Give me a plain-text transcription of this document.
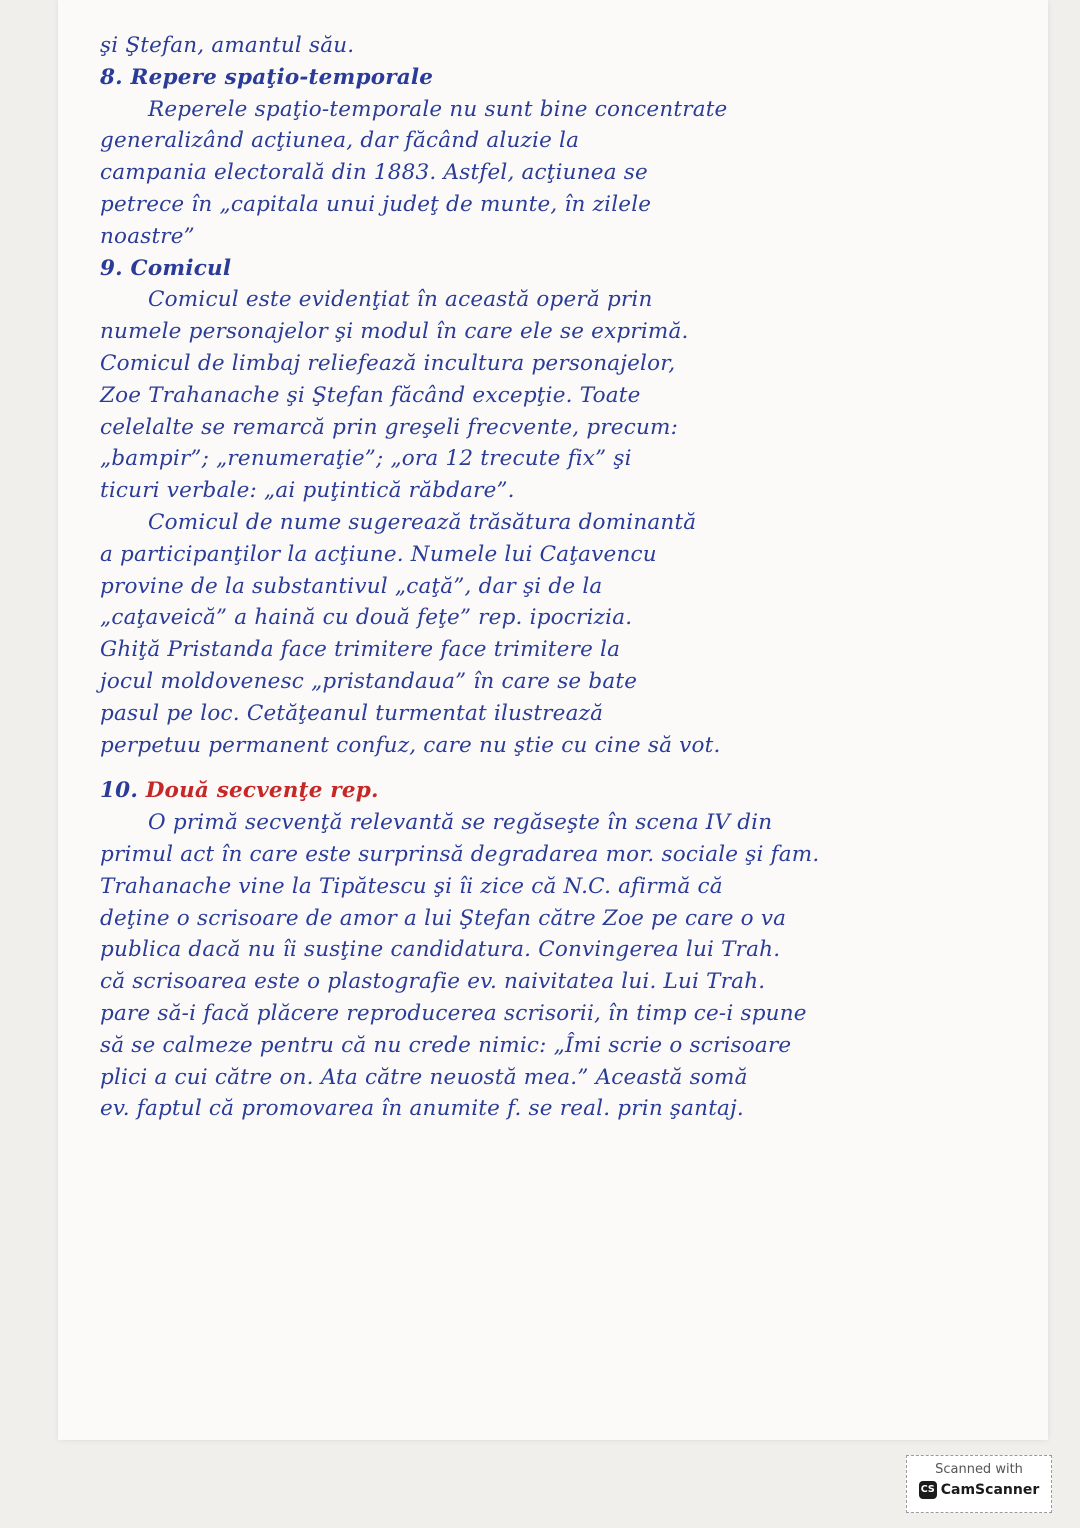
şi Ştefan, amantul său.

8. Repere spaţio-temporale

Reperele spaţio-temporale nu sunt bine concentrate

generalizând acţiunea, dar făcând aluzie la

campania electorală din 1883. Astfel, acţiunea se

petrece în „capitala unui judeţ de munte, în zilele

noastre”

9. Comicul

Comicul este evidenţiat în această operă prin

numele personajelor şi modul în care ele se exprimă.

Comicul de limbaj reliefează incultura personajelor,

Zoe Trahanache şi Ştefan făcând excepţie. Toate

celelalte se remarcă prin greşeli frecvente, precum:

„bampir”; „renumeraţie”; „ora 12 trecute fix” şi

ticuri verbale: „ai puţintică răbdare”.

Comicul de nume sugerează trăsătura dominantă

a participanţilor la acţiune. Numele lui Caţavencu

provine de la substantivul „caţă”, dar şi de la

„caţaveică” a haină cu două feţe” rep. ipocrizia.

Ghiţă Pristanda face trimitere face trimitere la

jocul moldovenesc „pristandaua” în care se bate

pasul pe loc. Cetăţeanul turmentat ilustrează

perpetuu permanent confuz, care nu ştie cu cine să vot.

10. Două secvenţe rep.

O primă secvenţă relevantă se regăseşte în scena IV din

primul act în care este surprinsă degradarea mor. sociale şi fam.

Trahanache vine la Tipătescu şi îi zice că N.C. afirmă că

deţine o scrisoare de amor a lui Ştefan către Zoe pe care o va

publica dacă nu îi susţine candidatura. Convingerea lui Trah.

că scrisoarea este o plastografie ev. naivitatea lui. Lui Trah.

pare să-i facă plăcere reproducerea scrisorii, în timp ce-i spune

să se calmeze pentru că nu crede nimic: „Îmi scrie o scrisoare

plici a cui către on. Ata către neuostă mea.” Această somă

ev. faptul că promovarea în anumite f. se real. prin şantaj.

Scanned with
CS CamScanner
